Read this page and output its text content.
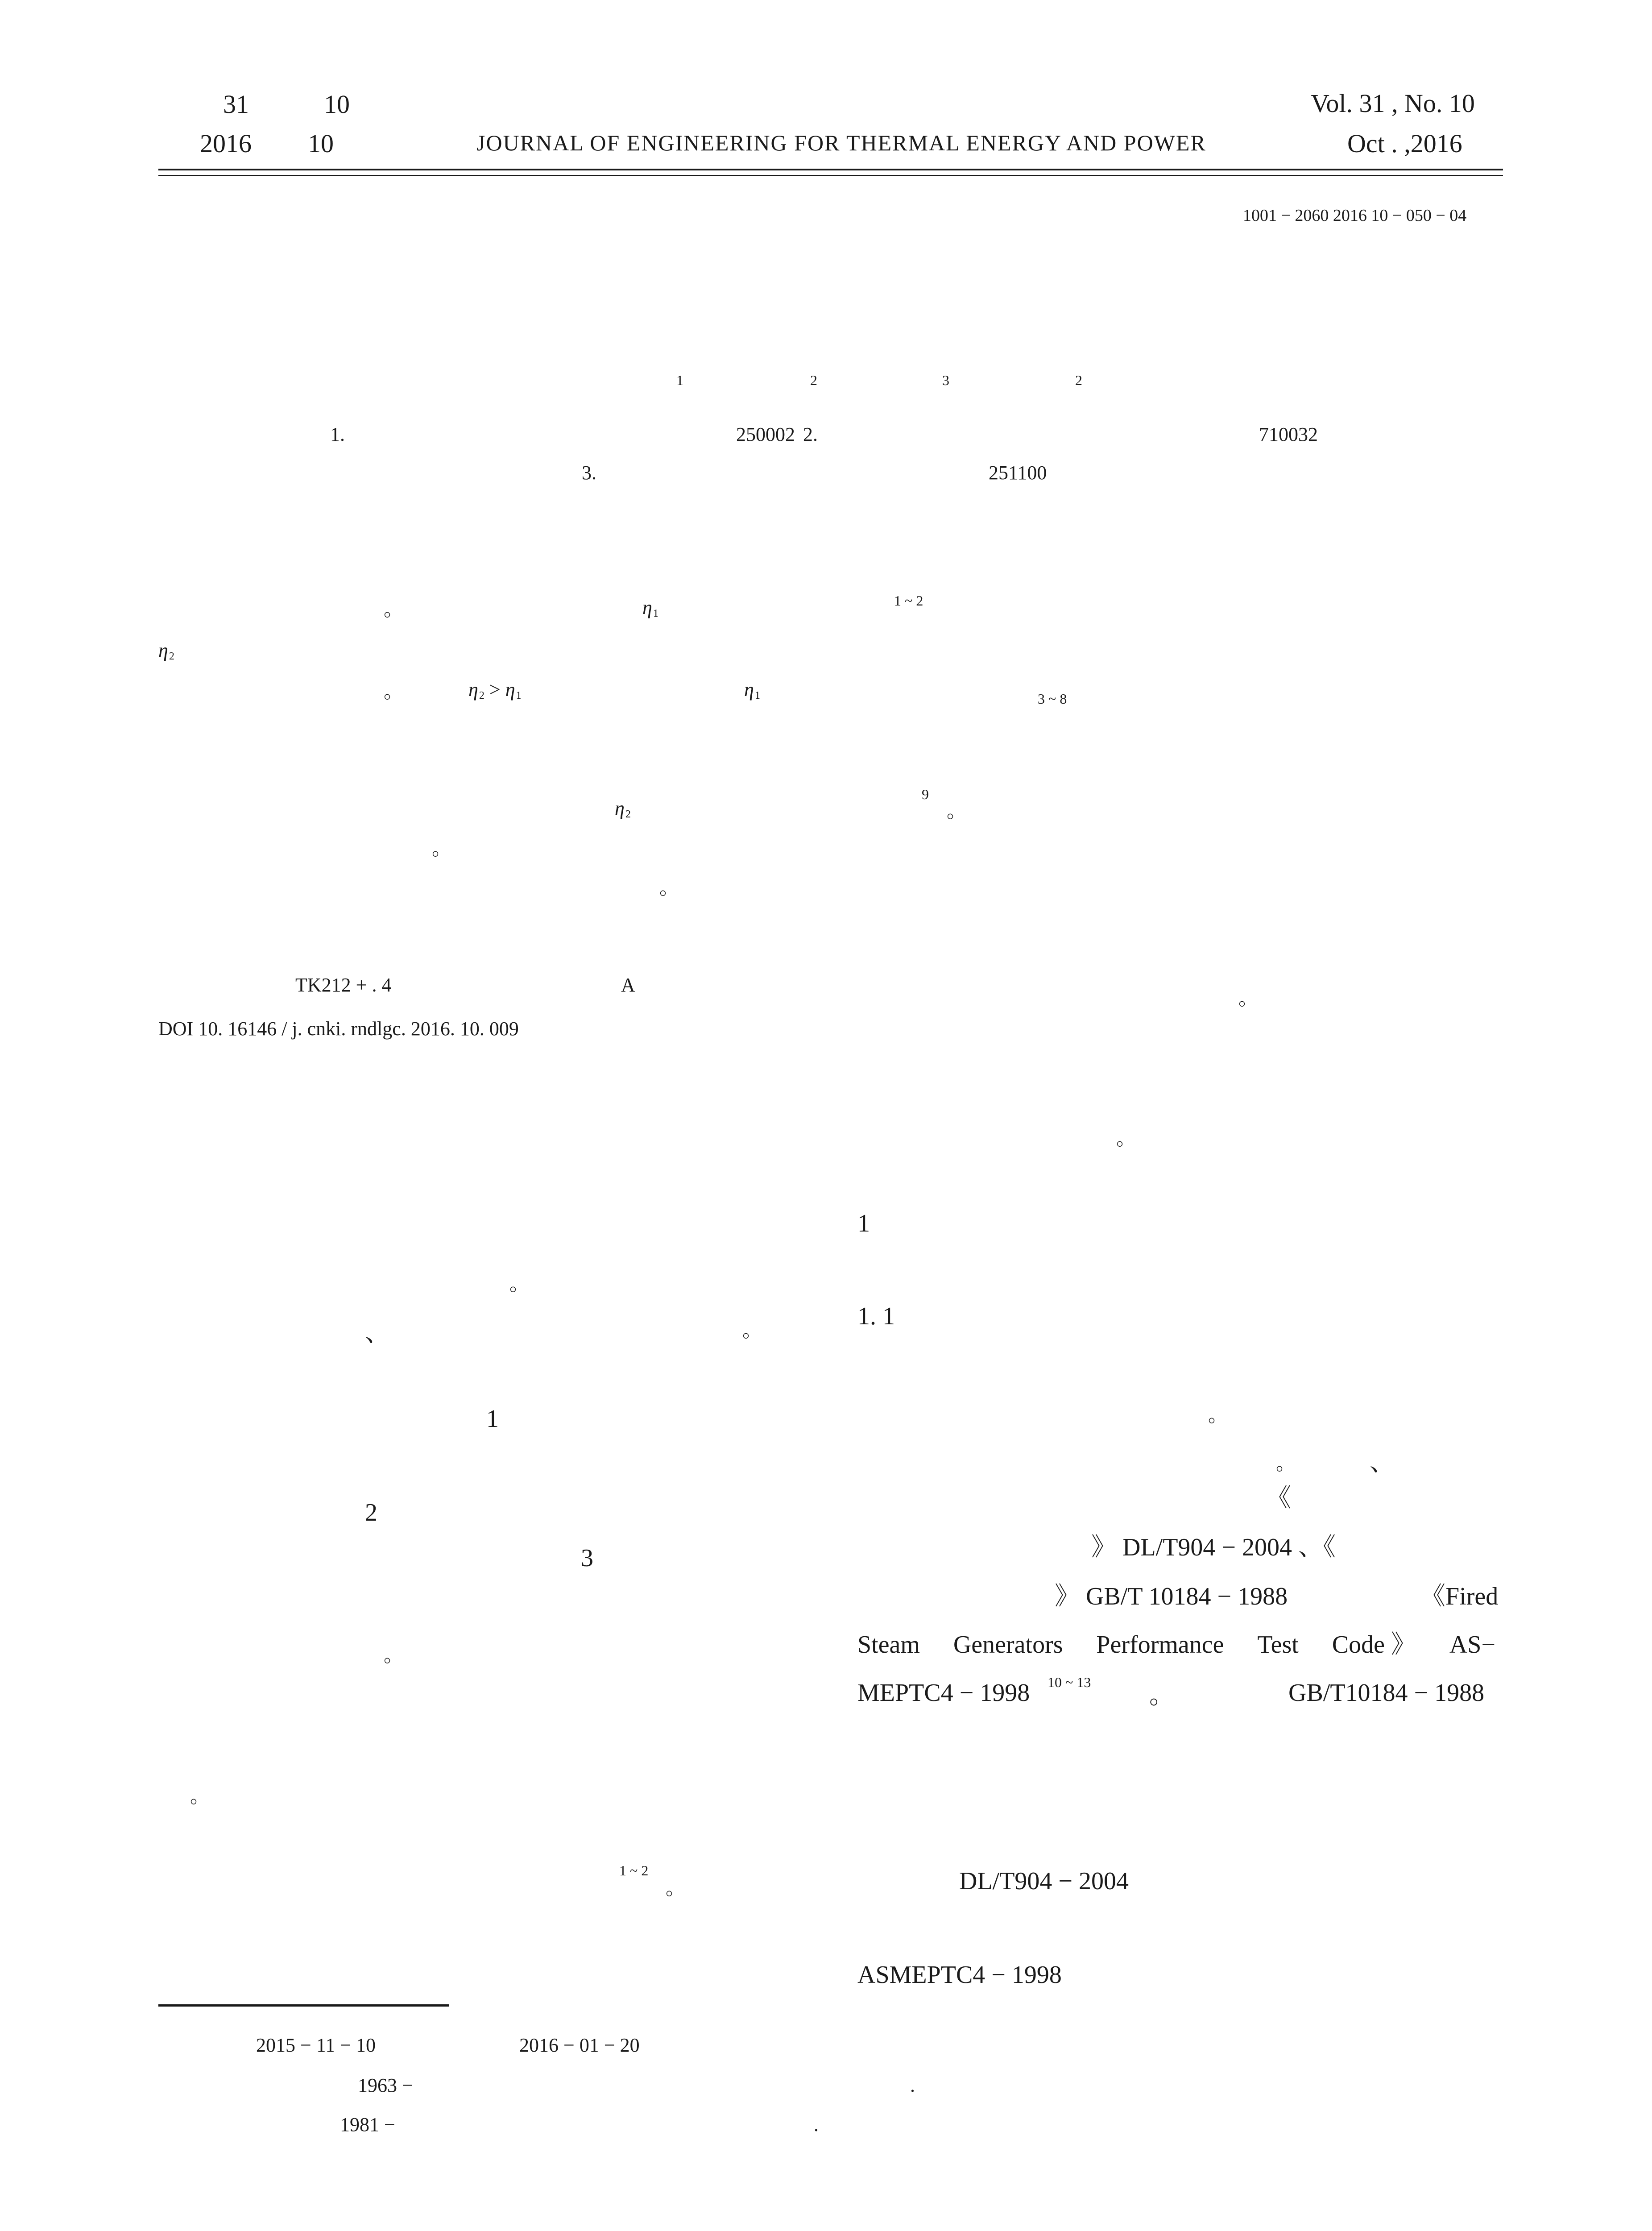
31	10
2016 10	JOURNAL OF ENGINEERING FOR THERMAL ENERGY AND POWER
Vol. 31 , No. 10
Oct . ,2016
1001 − 2060 2016 10 − 050 − 04
1	2	3	2
1.	250002 2.	710032
3.	251100
。	$\eta_1$
1 ~ 2
$\eta_2$
。	$\eta_2 > \eta_1$	$\eta_1$	3 ~ 8
$\eta_2$
9
。
。
。
TK212 + . 4	A
DOI 10. 16146 / j. cnki. rndlgc. 2016. 10. 009
。
、	。
1
2
3
。
。
1 ~ 2
。
。
。
1
1. 1
。
。	、
《
》 DL/T904 − 2004 、《
》 GB/T 10184 − 1988	《Fired
Steam Generators Performance Test Code 》 AS−
MEPTC4 − 1998 10 ~ 13 。	GB/T10184 − 1988
DL/T904 − 2004
ASMEPTC4 − 1998
2015 − 11 − 10	2016 − 01 − 20
1963 −	.
1981 −	.
